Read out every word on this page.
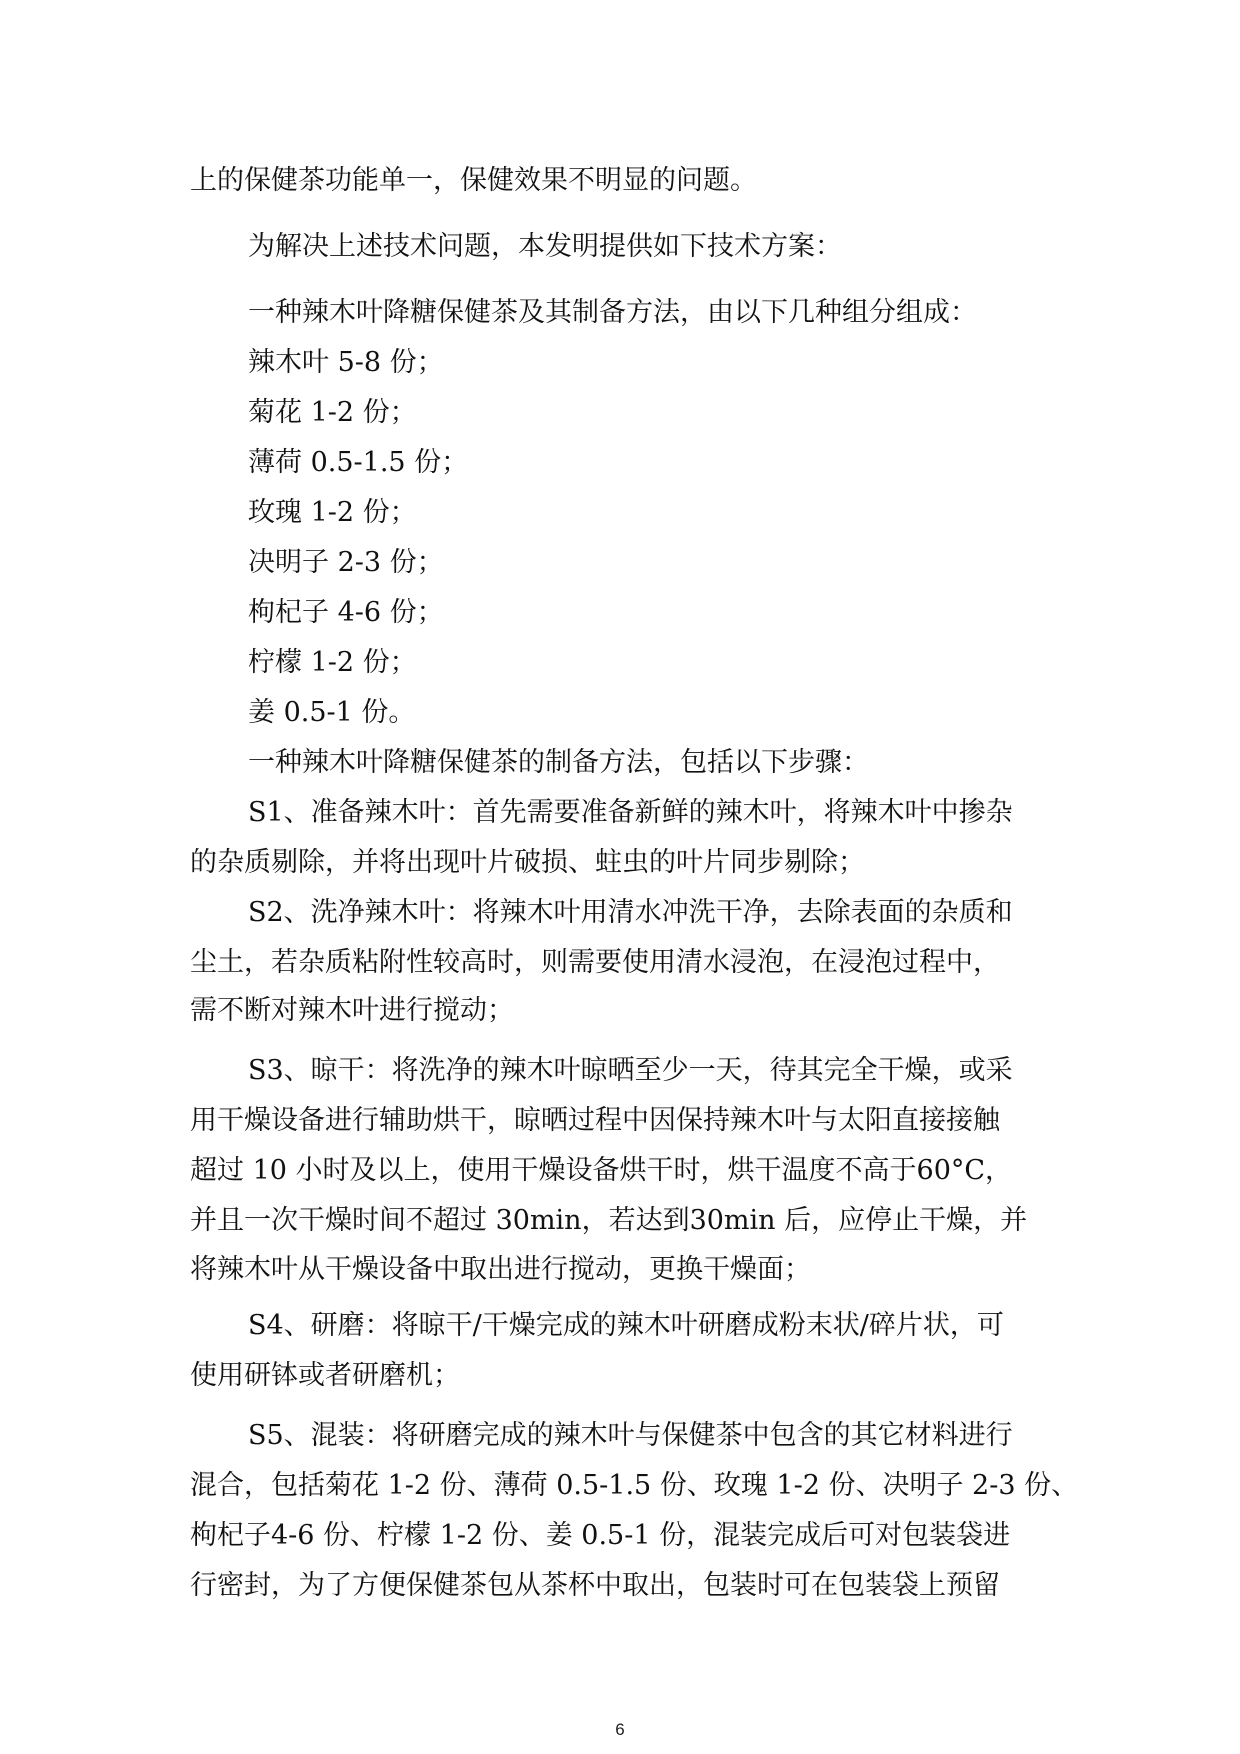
上的保健茶功能单一，保健效果不明显的问题。
为解决上述技术问题，本发明提供如下技术方案：
一种辣木叶降糖保健茶及其制备方法，由以下几种组分组成：
辣木叶 5-8 份；
菊花 1-2 份；
薄荷 0.5-1.5 份；
玫瑰 1-2 份；
决明子 2-3 份；
枸杞子 4-6 份；
柠檬 1-2 份；
姜 0.5-1 份。
一种辣木叶降糖保健茶的制备方法，包括以下步骤：
S1、准备辣木叶：首先需要准备新鲜的辣木叶，将辣木叶中掺杂
的杂质剔除，并将出现叶片破损、蛀虫的叶片同步剔除；
S2、洗净辣木叶：将辣木叶用清水冲洗干净，去除表面的杂质和
尘土，若杂质粘附性较高时，则需要使用清水浸泡，在浸泡过程中，
需不断对辣木叶进行搅动；
S3、晾干：将洗净的辣木叶晾晒至少一天，待其完全干燥，或采
用干燥设备进行辅助烘干，晾晒过程中因保持辣木叶与太阳直接接触
超过 10 小时及以上，使用干燥设备烘干时，烘干温度不高于60°C，
并且一次干燥时间不超过 30min，若达到30min 后，应停止干燥，并
将辣木叶从干燥设备中取出进行搅动，更换干燥面；
S4、研磨：将晾干/干燥完成的辣木叶研磨成粉末状/碎片状，可
使用研钵或者研磨机；
S5、混装：将研磨完成的辣木叶与保健茶中包含的其它材料进行
混合，包括菊花 1-2 份、薄荷 0.5-1.5 份、玫瑰 1-2 份、决明子 2-3 份、
枸杞子4-6 份、柠檬 1-2 份、姜 0.5-1 份，混装完成后可对包装袋进
行密封，为了方便保健茶包从茶杯中取出，包装时可在包装袋上预留
6
